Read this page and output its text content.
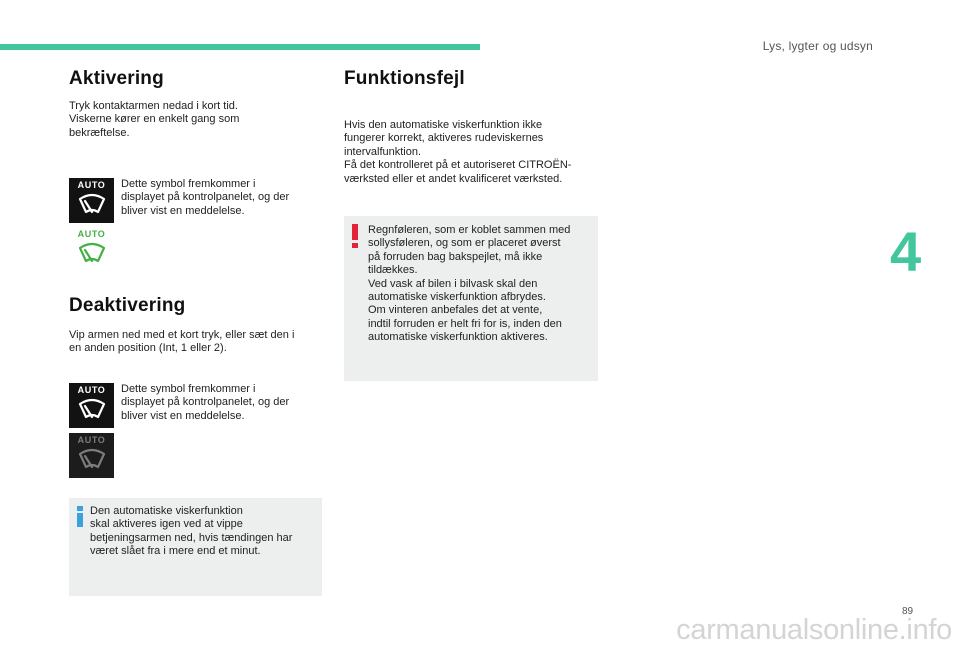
Lys, lygter og udsyn
4
Aktivering
Tryk kontaktarmen nedad i kort tid.
Viskerne kører en enkelt gang som
bekræftelse.
AUTO Dette symbol fremkommer i
displayet på kontrolpanelet, og der
bliver vist en meddelelse.
AUTO
Deaktivering
Vip armen ned med et kort tryk, eller sæt den i
en anden position (Int, 1 eller 2).
AUTO Dette symbol fremkommer i
displayet på kontrolpanelet, og der
bliver vist en meddelelse.
AUTO
Den automatiske viskerfunktion
skal aktiveres igen ved at vippe
betjeningsarmen ned, hvis tændingen har
været slået fra i mere end et minut.
Funktionsfejl
Hvis den automatiske viskerfunktion ikke
fungerer korrekt, aktiveres rudeviskernes
intervalfunktion.
Få det kontrolleret på et autoriseret CITROËN-
værksted eller et andet kvalificeret værksted.
Regnføleren, som er koblet sammen med
sollysføleren, og som er placeret øverst
på forruden bag bakspejlet, må ikke
tildækkes.
Ved vask af bilen i bilvask skal den
automatiske viskerfunktion afbrydes.
Om vinteren anbefales det at vente,
indtil forruden er helt fri for is, inden den
automatiske viskerfunktion aktiveres.
89
carmanualsonline.info
